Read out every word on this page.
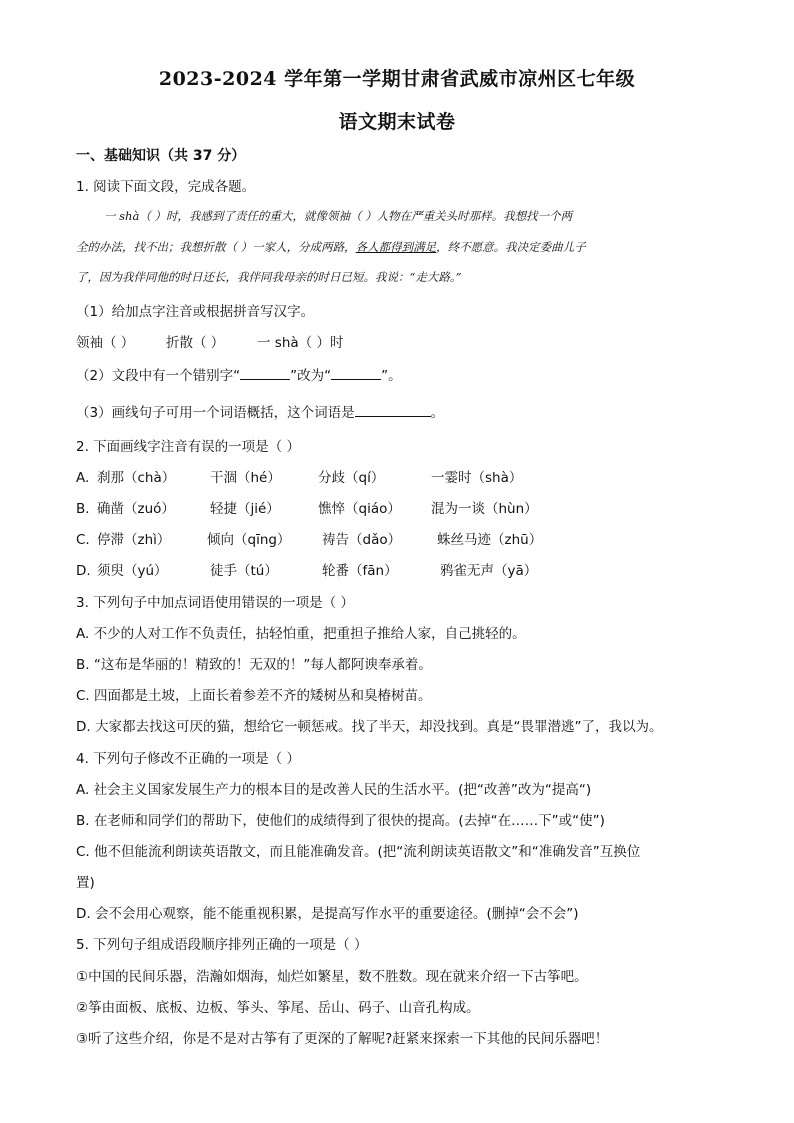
2023-2024 学年第一学期甘肃省武威市凉州区七年级
语文期末试卷
一、基础知识（共 37 分）
1. 阅读下面文段，完成各题。
一 shà（ ）时，我感到了责任的重大，就像领袖（ ）人物在严重关头时那样。我想找一个两
全的办法，找不出；我想折散（ ）一家人，分成两路，各人都得到满足，终不愿意。我决定委曲儿子
了，因为我伴同他的时日还长，我伴同我母亲的时日已短。我说：“走大路。”
（1）给加点字注音或根据拼音写汉字。
领袖（ ） 折散（ ） 一 shà（ ）时
（2）文段中有一个错别字“	”改为“	”。
（3）画线句子可用一个词语概括，这个词语是	。
2. 下面画线字注音有误的一项是（ ）
A. 刹那（chà）	干涸（hé）	分歧（qí）	一霎时（shà）
B. 确凿（zuó）	轻捷（jié）	憔悴（qiáo） 混为一谈（hùn）
C. 停滞（zhì）	倾向（qīng） 祷告（dǎo）	蛛丝马迹（zhū）
D. 须臾（yú）	徒手（tú）	轮番（fān）	鸦雀无声（yā）
3. 下列句子中加点词语使用错误的一项是（ ）
A. 不少的人对工作不负责任，拈轻怕重，把重担子推给人家，自己挑轻的。
B. “这布是华丽的！精致的！无双的！”每人都阿谀奉承着。
C. 四面都是土坡，上面长着参差不齐的矮树丛和臭椿树苗。
D. 大家都去找这可厌的猫，想给它一顿惩戒。找了半天，却没找到。真是“畏罪潜逃”了，我以为。
4. 下列句子修改不正确的一项是（ ）
A. 社会主义国家发展生产力的根本目的是改善人民的生活水平。(把“改善”改为“提高“)
B. 在老师和同学们的帮助下，使他们的成绩得到了很快的提高。(去掉“在……下”或“使”)
C. 他不但能流利朗读英语散文，而且能准确发音。(把“流利朗读英语散文”和“准确发音”互换位
置)
D. 会不会用心观察，能不能重视积累，是提高写作水平的重要途径。(删掉“会不会”)
5. 下列句子组成语段顺序排列正确的一项是（ ）
①中国的民间乐器，浩瀚如烟海，灿烂如繁星，数不胜数。现在就来介绍一下古筝吧。
②筝由面板、底板、边板、筝头、筝尾、岳山、码子、山音孔构成。
③听了这些介绍，你是不是对古筝有了更深的了解呢?赶紧来探索一下其他的民间乐器吧！
